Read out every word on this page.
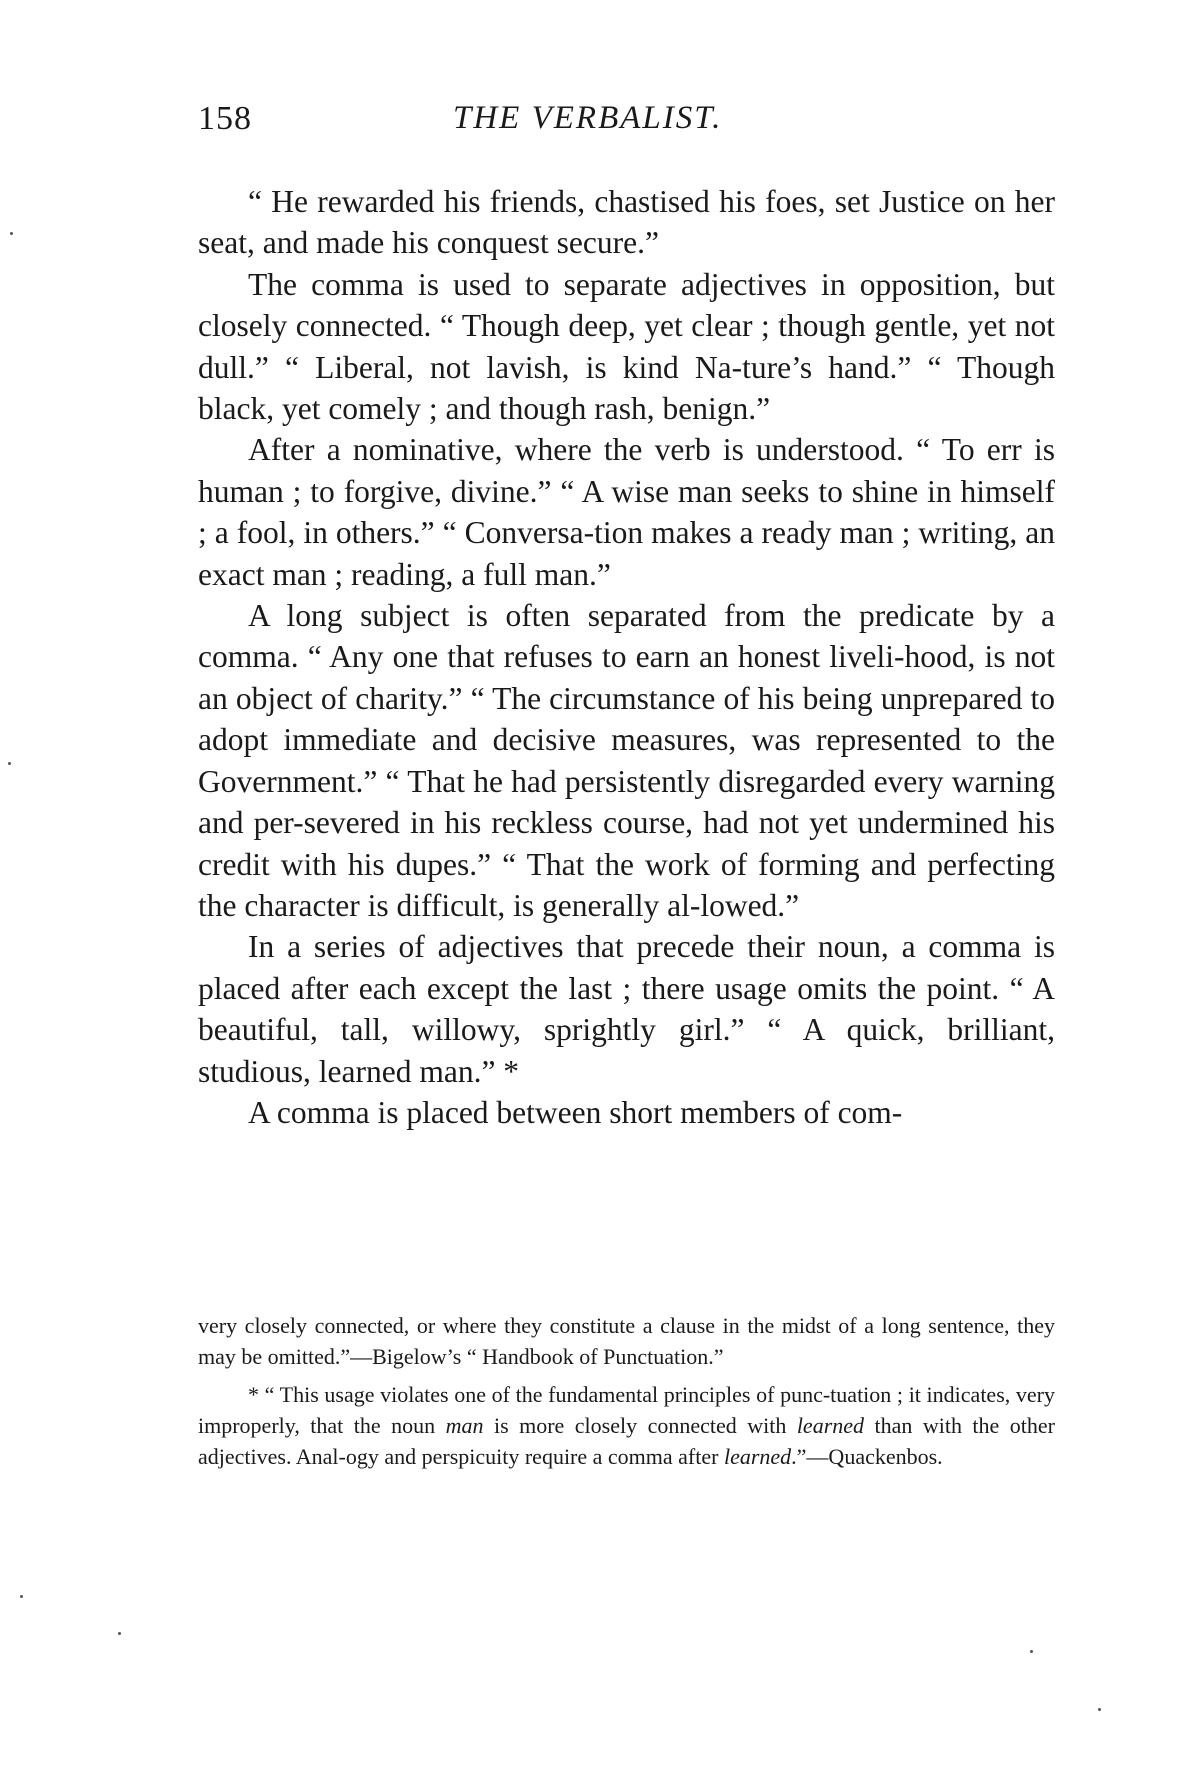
158	THE VERBALIST.

“ He rewarded his friends, chastised his foes, set Justice on her seat, and made his conquest secure.”

The comma is used to separate adjectives in opposition, but closely connected. “ Though deep, yet clear ; though gentle, yet not dull.” “ Liberal, not lavish, is kind Na-ture’s hand.” “ Though black, yet comely ; and though rash, benign.”

After a nominative, where the verb is understood. “ To err is human ; to forgive, divine.” “ A wise man seeks to shine in himself ; a fool, in others.” “ Conversa-tion makes a ready man ; writing, an exact man ; reading, a full man.”

A long subject is often separated from the predicate by a comma. “ Any one that refuses to earn an honest liveli-hood, is not an object of charity.” “ The circumstance of his being unprepared to adopt immediate and decisive measures, was represented to the Government.” “ That he had persistently disregarded every warning and per-severed in his reckless course, had not yet undermined his credit with his dupes.” “ That the work of forming and perfecting the character is difficult, is generally al-lowed.”

In a series of adjectives that precede their noun, a comma is placed after each except the last ; there usage omits the point. “ A beautiful, tall, willowy, sprightly girl.” “ A quick, brilliant, studious, learned man.” *

A comma is placed between short members of com-

very closely connected, or where they constitute a clause in the midst of a long sentence, they may be omitted.”—Bigelow’s “ Handbook of Punctuation.”

* “ This usage violates one of the fundamental principles of punc-tuation ; it indicates, very improperly, that the noun man is more closely connected with learned than with the other adjectives. Anal-ogy and perspicuity require a comma after learned.”—Quackenbos.
